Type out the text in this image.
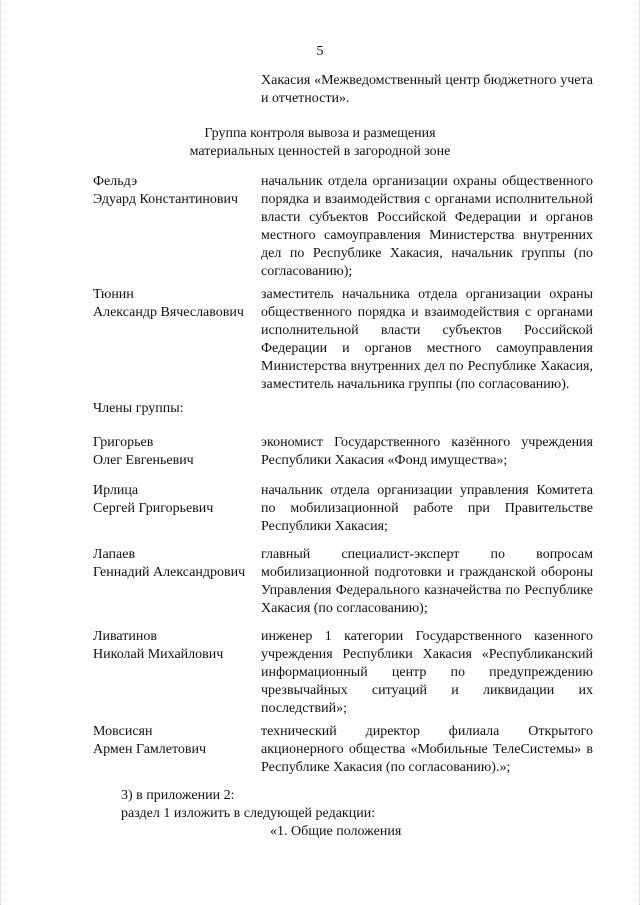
5
Хакасия «Межведомственный центр бюджетного учета и отчетности».
Группа контроля вывоза и размещения
материальных ценностей в загородной зоне
Фельдэ
Эдуард Константинович
начальник отдела организации охраны общественного порядка и взаимодействия с органами исполнительной власти субъектов Российской Федерации и органов местного самоуправления Министерства внутренних дел по Республике Хакасия, начальник группы (по согласованию);
Тюнин
Александр Вячеславович
заместитель начальника отдела организации охраны общественного порядка и взаимодействия с органами исполнительной власти субъектов Российской Федерации и органов местного самоуправления Министерства внутренних дел по Республике Хакасия, заместитель начальника группы (по согласованию).
Члены группы:
Григорьев
Олег Евгеньевич
экономист Государственного казённого учреждения Республики Хакасия «Фонд имущества»;
Ирлица
Сергей Григорьевич
начальник отдела организации управления Комитета по мобилизационной работе при Правительстве Республики Хакасия;
Лапаев
Геннадий Александрович
главный специалист-эксперт по вопросам мобилизационной подготовки и гражданской обороны Управления Федерального казначейства по Республике Хакасия (по согласованию);
Ливатинов
Николай Михайлович
инженер 1 категории Государственного казенного учреждения Республики Хакасия «Республиканский информационный центр по предупреждению чрезвычайных ситуаций и ликвидации их последствий»;
Мовсисян
Армен Гамлетович
технический директор филиала Открытого акционерного общества «Мобильные ТелеСистемы» в Республике Хакасия (по согласованию).»;
3) в приложении 2:
раздел 1 изложить в следующей редакции:
«1. Общие положения
